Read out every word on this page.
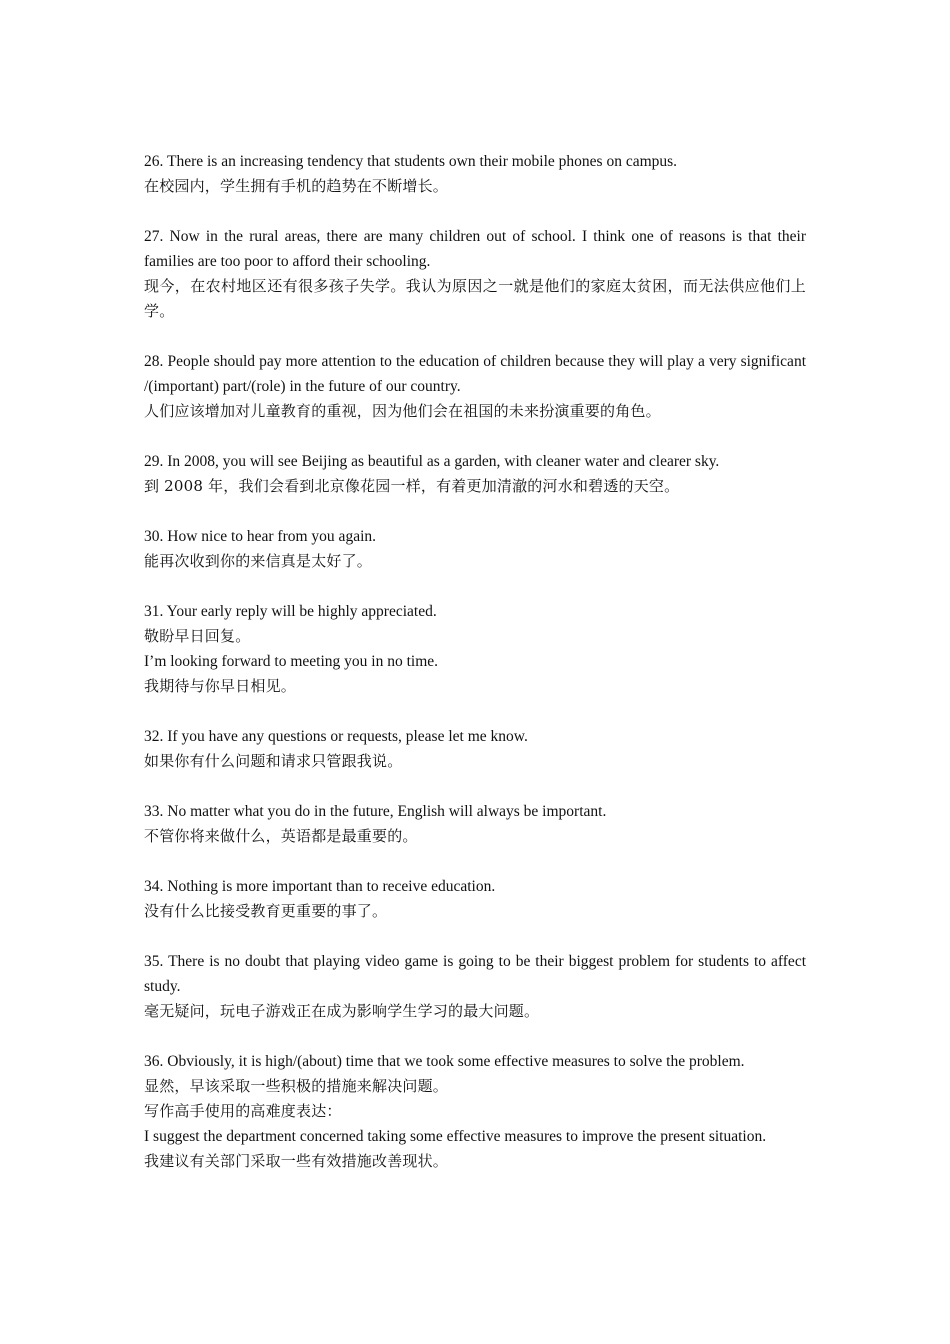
26. There is an increasing tendency that students own their mobile phones on campus.

在校园内，学生拥有手机的趋势在不断增长。

27. Now in the rural areas, there are many children out of school. I think one of reasons is that their families are too poor to afford their schooling.

现今，在农村地区还有很多孩子失学。我认为原因之一就是他们的家庭太贫困，而无法供应他们上学。

28. People should pay more attention to the education of children because they will play a very significant /(important) part/(role) in the future of our country.

人们应该增加对儿童教育的重视，因为他们会在祖国的未来扮演重要的角色。

29. In 2008, you will see Beijing as beautiful as a garden, with cleaner water and clearer sky.

到 2008 年，我们会看到北京像花园一样，有着更加清澈的河水和碧透的天空。

30. How nice to hear from you again.

能再次收到你的来信真是太好了。

31. Your early reply will be highly appreciated.

敬盼早日回复。

I’m looking forward to meeting you in no time.

我期待与你早日相见。

32. If you have any questions or requests, please let me know.

如果你有什么问题和请求只管跟我说。

33. No matter what you do in the future, English will always be important.

不管你将来做什么，英语都是最重要的。

34. Nothing is more important than to receive education.

没有什么比接受教育更重要的事了。

35. There is no doubt that playing video game is going to be their biggest problem for students to affect study.

毫无疑问，玩电子游戏正在成为影响学生学习的最大问题。

36. Obviously, it is high/(about) time that we took some effective measures to solve the problem.

显然，早该采取一些积极的措施来解决问题。

写作高手使用的高难度表达：

I suggest the department concerned taking some effective measures to improve the present situation.

我建议有关部门采取一些有效措施改善现状。
